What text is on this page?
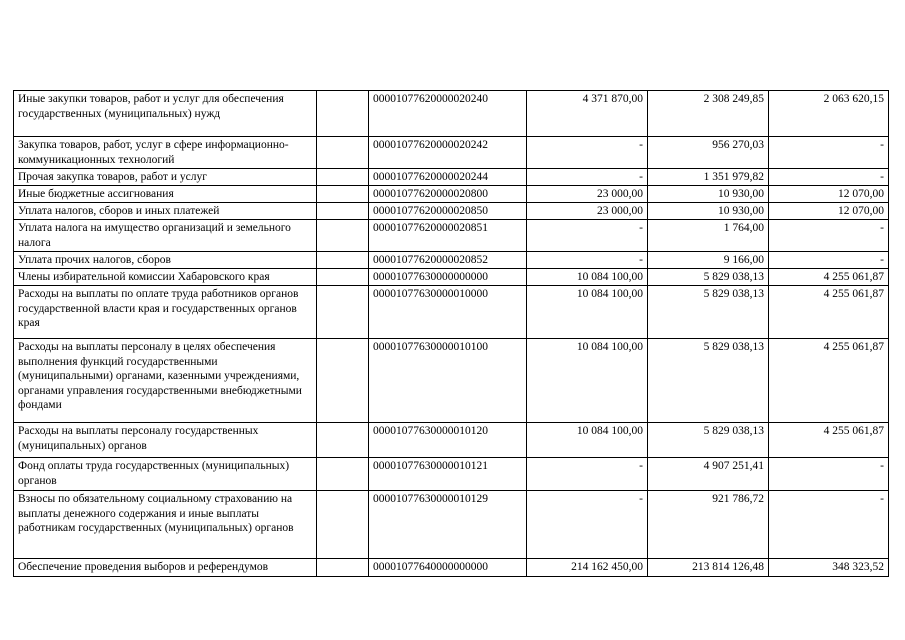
Иные закупки товаров, работ и услуг для обеспечения государственных (муниципальных) нужд		00001077620000020240	4 371 870,00	2 308 249,85	2 063 620,15
Закупка товаров, работ, услуг в сфере информационно-коммуникационных технологий		00001077620000020242	-	956 270,03	-
Прочая закупка товаров, работ и услуг		00001077620000020244	-	1 351 979,82	-
Иные бюджетные ассигнования		00001077620000020800	23 000,00	10 930,00	12 070,00
Уплата налогов, сборов и иных платежей		00001077620000020850	23 000,00	10 930,00	12 070,00
Уплата налога на имущество организаций и земельного налога		00001077620000020851	-	1 764,00	-
Уплата прочих налогов, сборов		00001077620000020852	-	9 166,00	-
Члены избирательной комиссии Хабаровского края		00001077630000000000	10 084 100,00	5 829 038,13	4 255 061,87
Расходы на выплаты по оплате труда работников органов государственной власти края и государственных органов края		00001077630000010000	10 084 100,00	5 829 038,13	4 255 061,87
Расходы на выплаты персоналу в целях обеспечения выполнения функций государственными (муниципальными) органами, казенными учреждениями, органами управления государственными внебюджетными фондами		00001077630000010100	10 084 100,00	5 829 038,13	4 255 061,87
Расходы на выплаты персоналу государственных (муниципальных) органов		00001077630000010120	10 084 100,00	5 829 038,13	4 255 061,87
Фонд оплаты труда государственных (муниципальных) органов		00001077630000010121	-	4 907 251,41	-
Взносы по обязательному социальному страхованию на выплаты денежного содержания и иные выплаты работникам государственных (муниципальных) органов		00001077630000010129	-	921 786,72	-
Обеспечение проведения выборов и референдумов		00001077640000000000	214 162 450,00	213 814 126,48	348 323,52
